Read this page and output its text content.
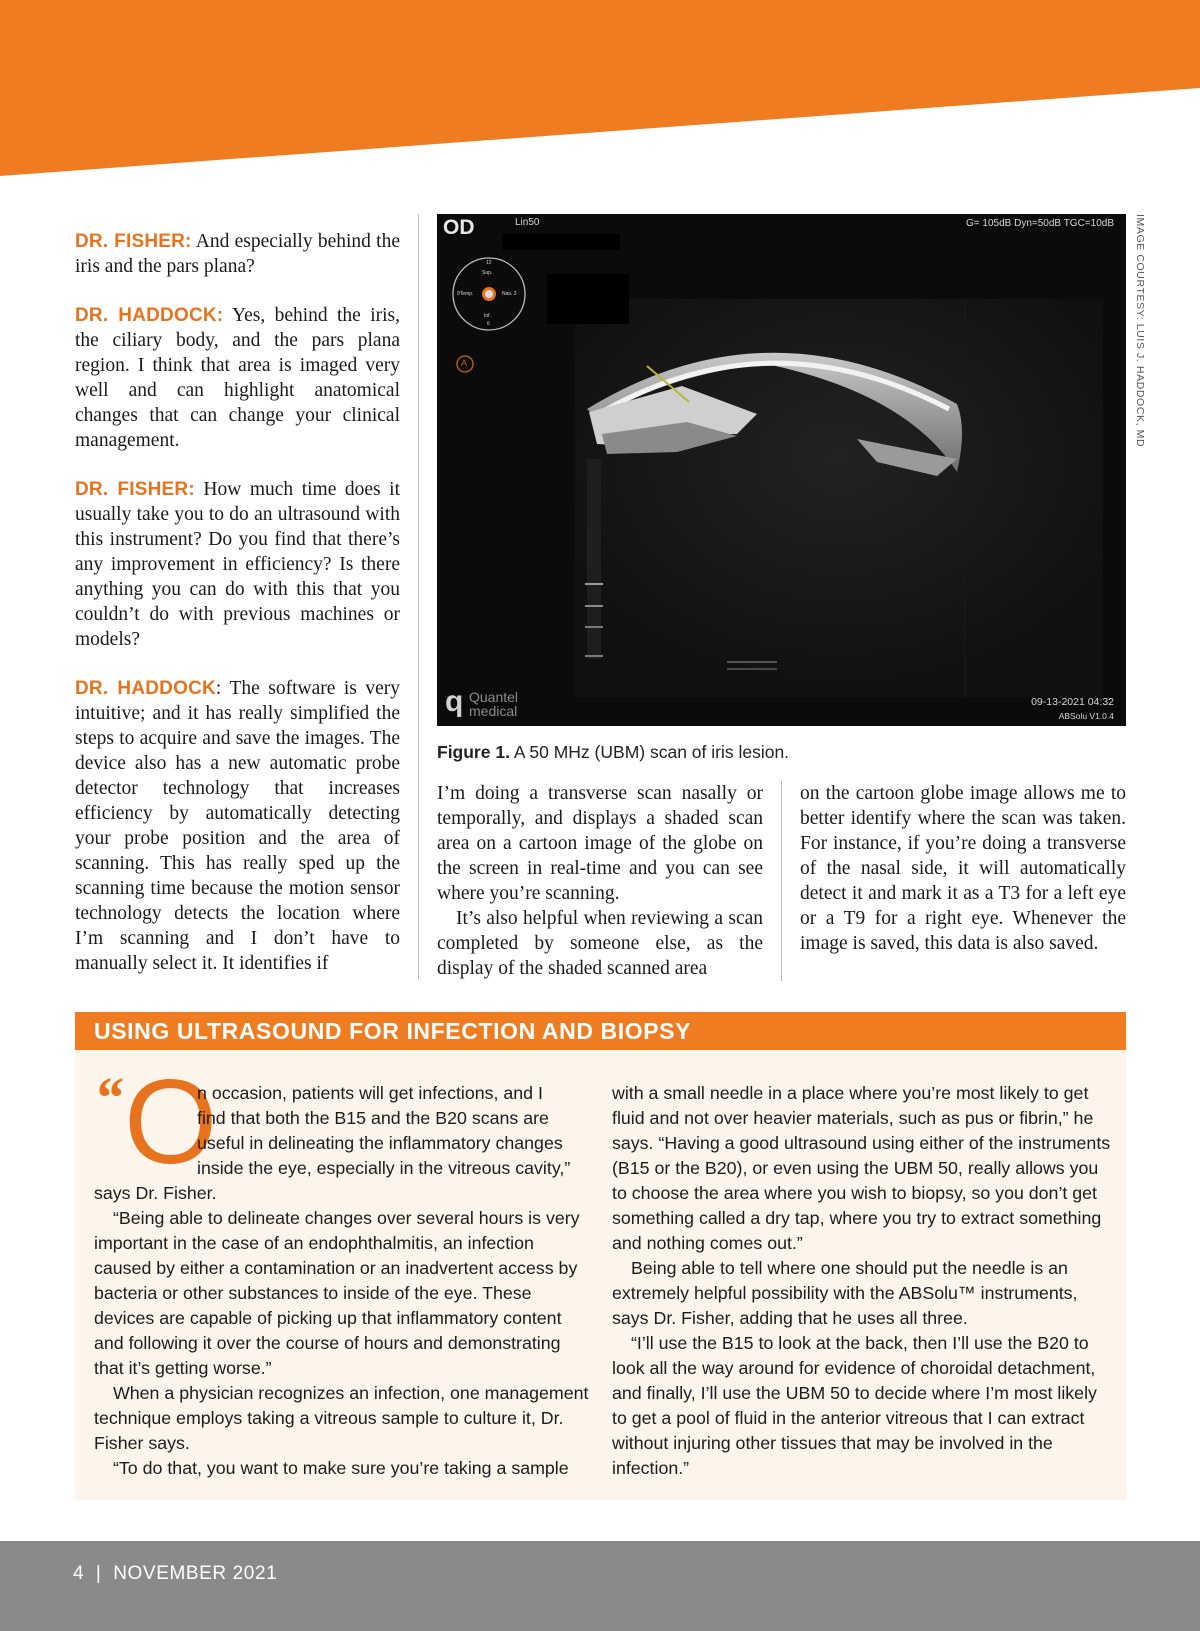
DR. FISHER: And especially behind the iris and the pars plana?

DR. HADDOCK: Yes, behind the iris, the ciliary body, and the pars plana region. I think that area is imaged very well and can highlight anatomical changes that can change your clinical management.

DR. FISHER: How much time does it usually take you to do an ultrasound with this instrument? Do you find that there’s any improvement in efficiency? Is there anything you can do with this that you couldn’t do with previous machines or models?

DR. HADDOCK: The software is very intuitive; and it has really simplified the steps to acquire and save the images. The device also has a new automatic probe detector technology that increases efficiency by automatically detecting your probe position and the area of scanning. This has really sped up the scanning time because the motion sensor technology detects the location where I’m scanning and I don’t have to manually select it. It identifies if

OD	Lin50	G= 105dB Dyn=50dB TGC=10dB
12
Sup.
9Temp.	Nas. 3
Inf.
6
A
q Quantel
medical
09-13-2021 04:32
ABSolu V1.0.4
IMAGE COURTESY: LUIS J. HADDOCK, MD
Figure 1. A 50 MHz (UBM) scan of iris lesion.

I’m doing a transverse scan nasally or temporally, and displays a shaded scan area on a cartoon image of the globe on the screen in real-time and you can see where you’re scanning.

It’s also helpful when reviewing a scan completed by someone else, as the display of the shaded scanned area

on the cartoon globe image allows me to better identify where the scan was taken. For instance, if you’re doing a transverse of the nasal side, it will automatically detect it and mark it as a T3 for a left eye or a T9 for a right eye. Whenever the image is saved, this data is also saved.

USING ULTRASOUND FOR INFECTION AND BIOPSY
“ O
n occasion, patients will get infections, and I
find that both the B15 and the B20 scans are
useful in delineating the inflammatory changes
inside the eye, especially in the vitreous cavity,”

says Dr. Fisher.

“Being able to delineate changes over several hours is very important in the case of an endophthalmitis, an infection caused by either a contamination or an inadvertent access by bacteria or other substances to inside of the eye. These devices are capable of picking up that inflammatory content and following it over the course of hours and demonstrating that it’s getting worse.”

When a physician recognizes an infection, one management technique employs taking a vitreous sample to culture it, Dr. Fisher says.

“To do that, you want to make sure you’re taking a sample

with a small needle in a place where you’re most likely to get fluid and not over heavier materials, such as pus or fibrin,” he says. “Having a good ultrasound using either of the instruments (B15 or the B20), or even using the UBM 50, really allows you to choose the area where you wish to biopsy, so you don’t get something called a dry tap, where you try to extract something and nothing comes out.”

Being able to tell where one should put the needle is an extremely helpful possibility with the ABSolu™ instruments, says Dr. Fisher, adding that he uses all three.

“I’ll use the B15 to look at the back, then I’ll use the B20 to look all the way around for evidence of choroidal detachment, and finally, I’ll use the UBM 50 to decide where I’m most likely to get a pool of fluid in the anterior vitreous that I can extract without injuring other tissues that may be involved in the infection.”

4  |  NOVEMBER 2021
